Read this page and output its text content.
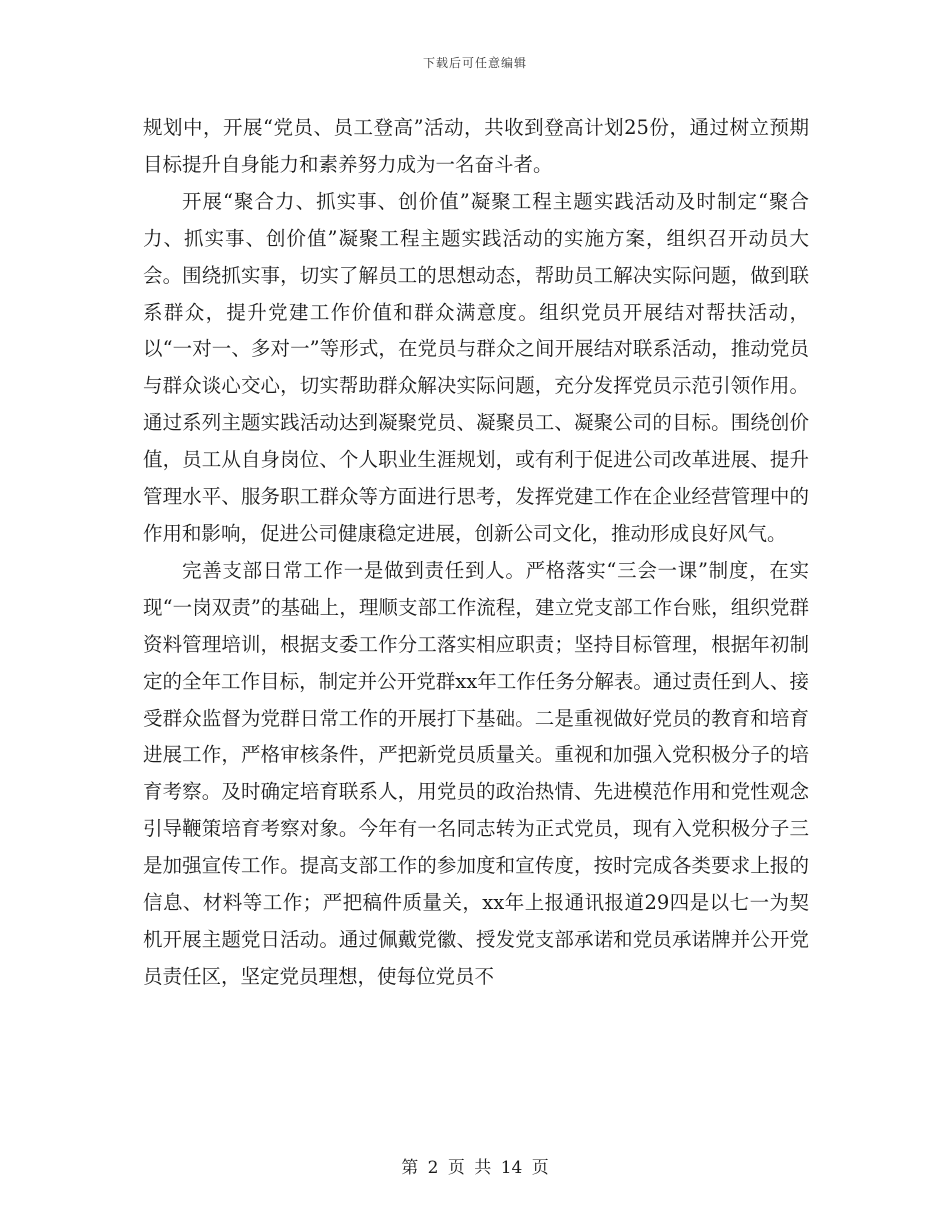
下载后可任意编辑

规划中，开展“党员、员工登高”活动，共收到登高计划25份，通过树立预期目标提升自身能力和素养努力成为一名奋斗者。

开展“聚合力、抓实事、创价值”凝聚工程主题实践活动及时制定“聚合力、抓实事、创价值”凝聚工程主题实践活动的实施方案，组织召开动员大会。围绕抓实事，切实了解员工的思想动态，帮助员工解决实际问题，做到联系群众，提升党建工作价值和群众满意度。组织党员开展结对帮扶活动，以“一对一、多对一”等形式，在党员与群众之间开展结对联系活动，推动党员与群众谈心交心，切实帮助群众解决实际问题，充分发挥党员示范引领作用。通过系列主题实践活动达到凝聚党员、凝聚员工、凝聚公司的目标。围绕创价值，员工从自身岗位、个人职业生涯规划，或有利于促进公司改革进展、提升管理水平、服务职工群众等方面进行思考，发挥党建工作在企业经营管理中的作用和影响，促进公司健康稳定进展，创新公司文化，推动形成良好风气。

完善支部日常工作一是做到责任到人。严格落实“三会一课”制度，在实现“一岗双责”的基础上，理顺支部工作流程，建立党支部工作台账，组织党群资料管理培训，根据支委工作分工落实相应职责；坚持目标管理，根据年初制定的全年工作目标，制定并公开党群xx年工作任务分解表。通过责任到人、接受群众监督为党群日常工作的开展打下基础。二是重视做好党员的教育和培育进展工作，严格审核条件，严把新党员质量关。重视和加强入党积极分子的培育考察。及时确定培育联系人，用党员的政治热情、先进模范作用和党性观念引导鞭策培育考察对象。今年有一名同志转为正式党员，现有入党积极分子三是加强宣传工作。提高支部工作的参加度和宣传度，按时完成各类要求上报的信息、材料等工作；严把稿件质量关，xx年上报通讯报道29四是以七一为契机开展主题党日活动。通过佩戴党徽、授发党支部承诺和党员承诺牌并公开党员责任区，坚定党员理想，使每位党员不

第 2 页 共 14 页
